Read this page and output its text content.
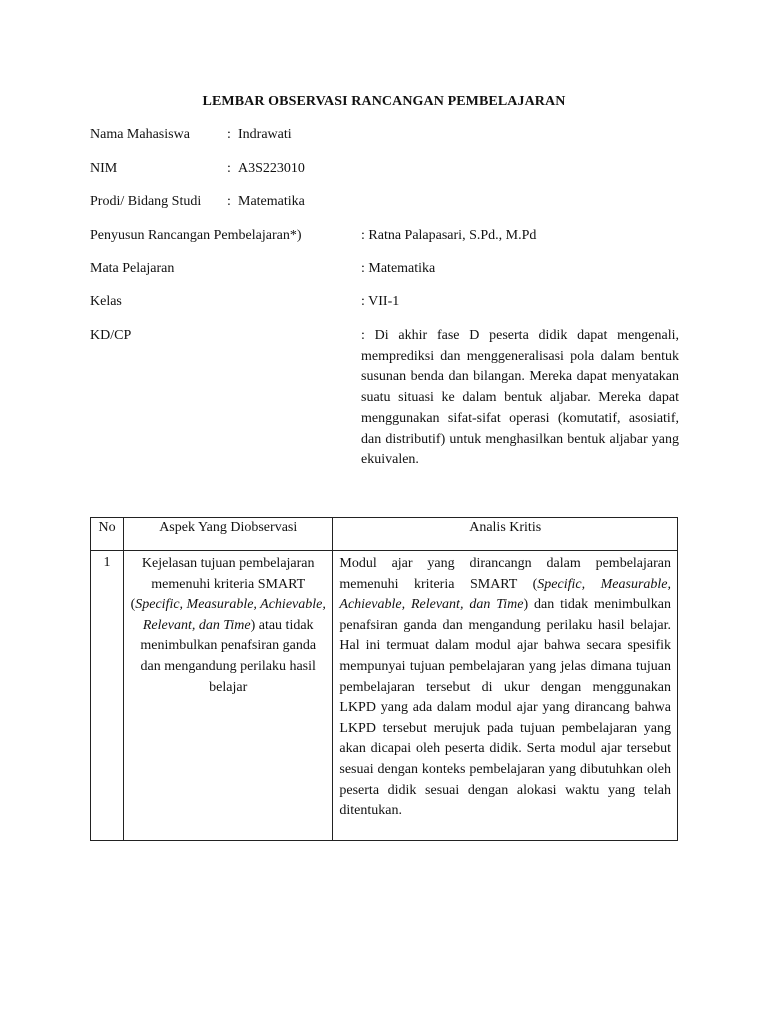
LEMBAR OBSERVASI RANCANGAN PEMBELAJARAN
Nama Mahasiswa	: Indrawati
NIM	: A3S223010
Prodi/ Bidang Studi : Matematika
Penyusun Rancangan Pembelajaran*)	: Ratna Palapasari, S.Pd., M.Pd
Mata Pelajaran	: Matematika
Kelas	: VII-1
KD/CP	: Di akhir fase D peserta didik dapat mengenali, memprediksi dan menggeneralisasi pola dalam bentuk susunan benda dan bilangan. Mereka dapat menyatakan suatu situasi ke dalam bentuk aljabar. Mereka dapat menggunakan sifat-sifat operasi (komutatif, asosiatif, dan distributif) untuk menghasilkan bentuk aljabar yang ekuivalen.
No	Aspek Yang Diobservasi	Analis Kritis
1	Kejelasan tujuan pembelajaran memenuhi kriteria SMART (Specific, Measurable, Achievable, Relevant, dan Time) atau tidak menimbulkan penafsiran ganda dan mengandung perilaku hasil belajar	Modul ajar yang dirancangn dalam pembelajaran memenuhi kriteria SMART (Specific, Measurable, Achievable, Relevant, dan Time) dan tidak menimbulkan penafsiran ganda dan mengandung perilaku hasil belajar. Hal ini termuat dalam modul ajar bahwa secara spesifik mempunyai tujuan pembelajaran yang jelas dimana tujuan pembelajaran tersebut di ukur dengan menggunakan LKPD yang ada dalam modul ajar yang dirancang bahwa LKPD tersebut merujuk pada tujuan pembelajaran yang akan dicapai oleh peserta didik. Serta modul ajar tersebut sesuai dengan konteks pembelajaran yang dibutuhkan oleh peserta didik sesuai dengan alokasi waktu yang telah ditentukan.
